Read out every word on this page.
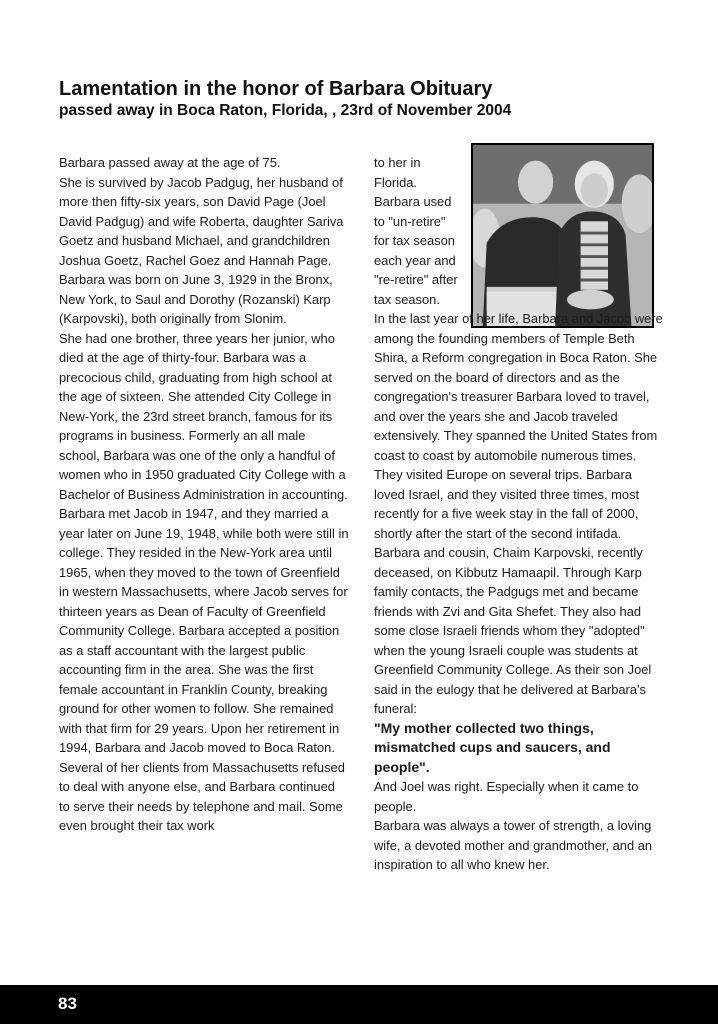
Lamentation in the honor of Barbara Obituary
passed away in Boca Raton, Florida, , 23rd of November 2004

Barbara passed away at the age of 75.

She is survived by Jacob Padgug, her husband of more then fifty-six years, son David Page (Joel David Padgug) and wife Roberta, daughter Sariva Goetz and husband Michael, and grandchildren Joshua Goetz, Rachel Goez and Hannah Page.

Barbara was born on June 3, 1929 in the Bronx, New York, to Saul and Dorothy (Rozanski) Karp (Karpovski), both originally from Slonim.

She had one brother, three years her junior, who died at the age of thirty-four. Barbara was a precocious child, graduating from high school at the age of sixteen. She attended City College in New-York, the 23rd street branch, famous for its programs in business. Formerly an all male school, Barbara was one of the only a handful of women who in 1950 graduated City College with a Bachelor of Business Administration in accounting.

Barbara met Jacob in 1947, and they married a year later on June 19, 1948, while both were still in college. They resided in the New-York area until 1965, when they moved to the town of Greenfield in western Massachusetts, where Jacob serves for thirteen years as Dean of Faculty of Greenfield Community College. Barbara accepted a position as a staff accountant with the largest public accounting firm in the area. She was the first female accountant in Franklin County, breaking ground for other women to follow. She remained with that firm for 29 years. Upon her retirement in 1994, Barbara and Jacob moved to Boca Raton.

Several of her clients from Massachusetts refused to deal with anyone else, and Barbara continued to serve their needs by telephone and mail. Some even brought their tax work

to her in Florida. Barbara used to "un-retire" for tax season each year and "re-retire" after tax season.

In the last year of her life, Barbara and Jacob were among the founding members of Temple Beth Shira, a Reform congregation in Boca Raton. She served on the board of directors and as the congregation's treasurer Barbara loved to travel, and over the years she and Jacob traveled extensively. They spanned the United States from coast to coast by automobile numerous times. They visited Europe on several trips. Barbara loved Israel, and they visited three times, most recently for a five week stay in the fall of 2000, shortly after the start of the second intifada. Barbara and cousin, Chaim Karpovski, recently deceased, on Kibbutz Hamaapil. Through Karp family contacts, the Padgugs met and became friends with Zvi and Gita Shefet. They also had some close Israeli friends whom they "adopted" when the young Israeli couple was students at Greenfield Community College. As their son Joel said in the eulogy that he delivered at Barbara's funeral:

"My mother collected two things, mismatched cups and saucers, and people".

And Joel was right. Especially when it came to people.

Barbara was always a tower of strength, a loving wife, a devoted mother and grandmother, and an inspiration to all who knew her.

83
